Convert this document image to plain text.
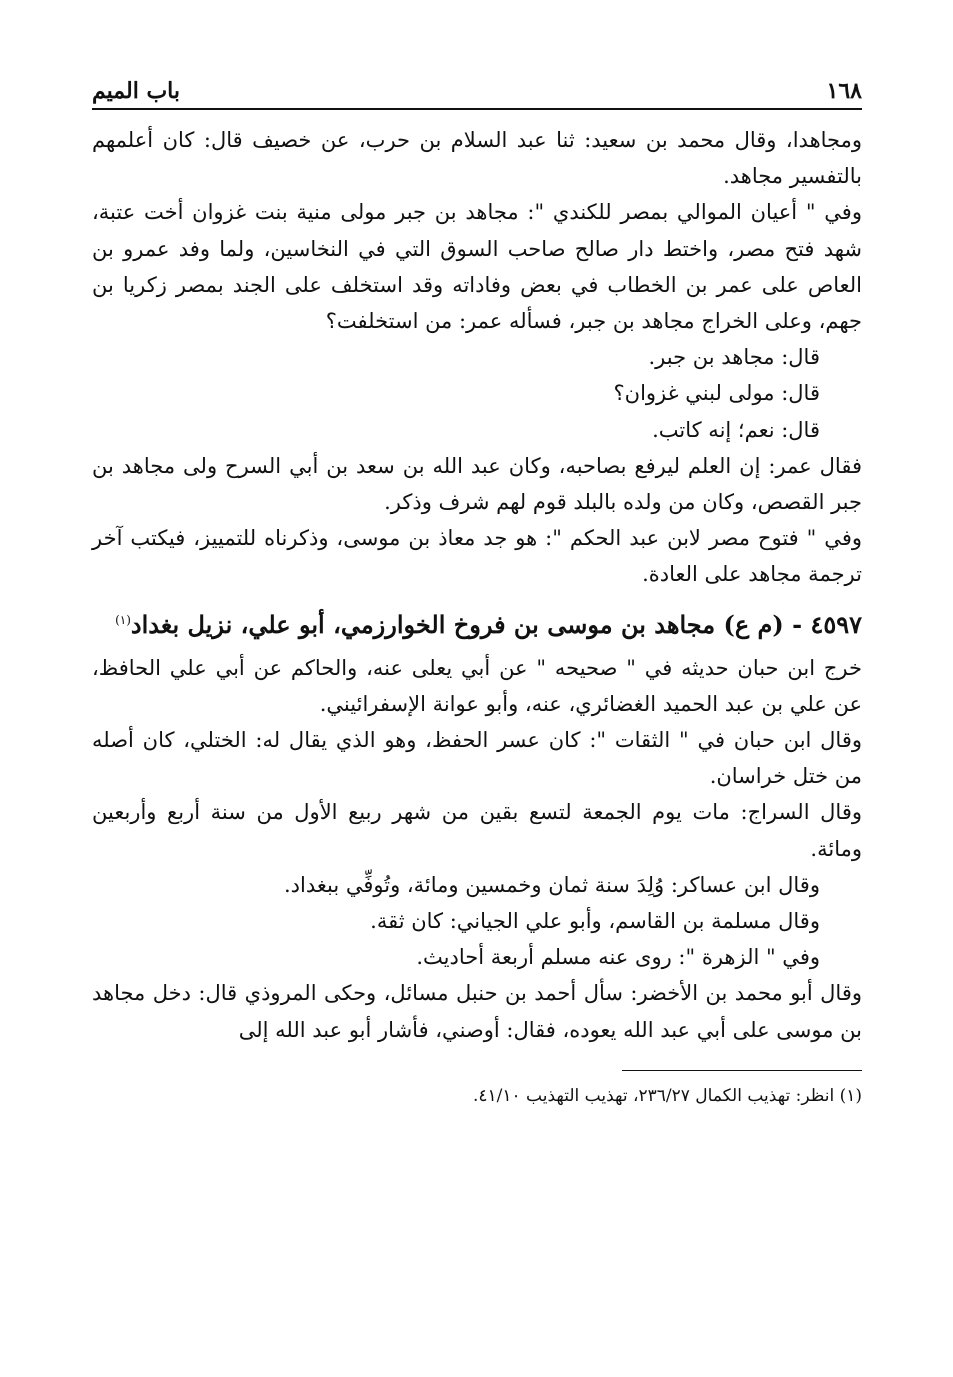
١٦٨
باب الميم

ومجاهدا، وقال محمد بن سعيد: ثنا عبد السلام بن حرب، عن خصيف قال: كان أعلمهم بالتفسير مجاهد.

وفي " أعيان الموالي بمصر للكندي ": مجاهد بن جبر مولى منية بنت غزوان أخت عتبة، شهد فتح مصر، واختط دار صالح صاحب السوق التي في النخاسين، ولما وفد عمرو بن العاص على عمر بن الخطاب في بعض وفاداته وقد استخلف على الجند بمصر زكريا بن جهم، وعلى الخراج مجاهد بن جبر، فسأله عمر: من استخلفت؟

قال: مجاهد بن جبر.

قال: مولى لبني غزوان؟

قال: نعم؛ إنه كاتب.

فقال عمر: إن العلم ليرفع بصاحبه، وكان عبد الله بن سعد بن أبي السرح ولى مجاهد بن جبر القصص، وكان من ولده بالبلد قوم لهم شرف وذكر.

وفي " فتوح مصر لابن عبد الحكم ": هو جد معاذ بن موسى، وذكرناه للتمييز، فيكتب آخر ترجمة مجاهد على العادة.

٤٥٩٧ - (م ع) مجاهد بن موسى بن فروخ الخوارزمي، أبو علي، نزيل بغداد$^{(١)}$

خرج ابن حبان حديثه في " صحيحه " عن أبي يعلى عنه، والحاكم عن أبي علي الحافظ، عن علي بن عبد الحميد الغضائري، عنه، وأبو عوانة الإسفرائيني.

وقال ابن حبان في " الثقات ": كان عسر الحفظ، وهو الذي يقال له: الختلي، كان أصله من ختل خراسان.

وقال السراج: مات يوم الجمعة لتسع بقين من شهر ربيع الأول من سنة أربع وأربعين ومائة.

وقال ابن عساكر: وُلِدَ سنة ثمان وخمسين ومائة، وتُوفِّي ببغداد.

وقال مسلمة بن القاسم، وأبو علي الجياني: كان ثقة.

وفي " الزهرة ": روى عنه مسلم أربعة أحاديث.

وقال أبو محمد بن الأخضر: سأل أحمد بن حنبل مسائل، وحكى المروذي قال: دخل مجاهد بن موسى على أبي عبد الله يعوده، فقال: أوصني، فأشار أبو عبد الله إلى

(١) انظر: تهذيب الكمال ٢٣٦/٢٧، تهذيب التهذيب ٤١/١٠.
